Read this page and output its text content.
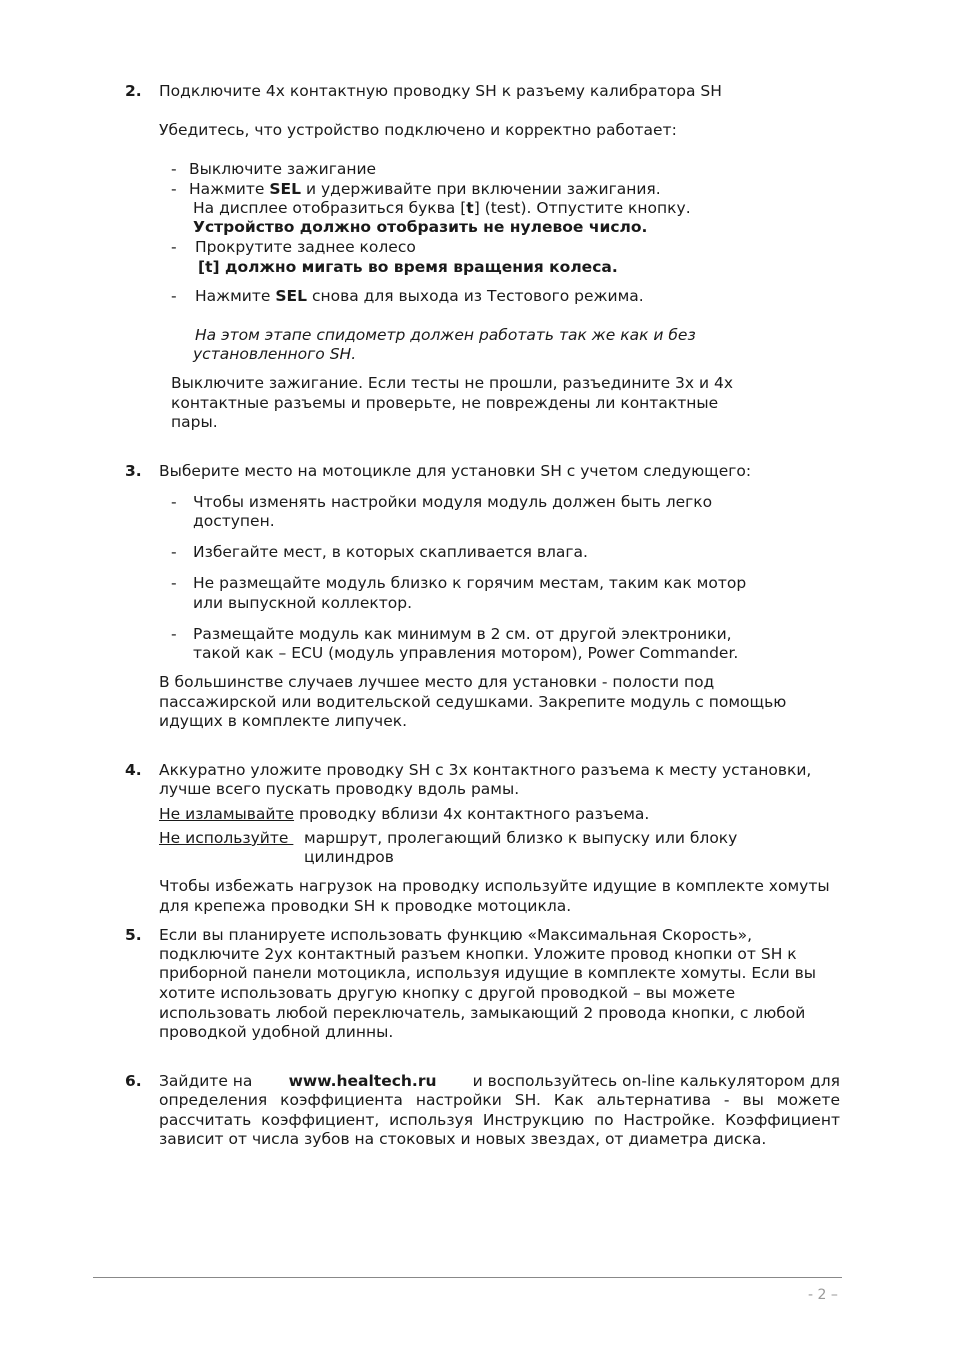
2. Подключите 4х контактную проводку SH к разъему калибратора SH
Убедитесь, что устройство подключено и корректно работает:
- Выключите зажигание
- Нажмите SEL и удерживайте при включении зажигания.
На дисплее отобразиться буква [t] (test). Отпустите кнопку.
Устройство должно отобразить не нулевое число.
- Прокрутите заднее колесо
[t] должно мигать во время вращения колеса.
- Нажмите SEL снова для выхода из Тестового режима.
На этом этапе спидометр должен работать так же как и без
установленного SH.
Выключите зажигание. Если тесты не прошли, разъедините 3х и 4х
контактные разъемы и проверьте, не повреждены ли контактные
пары.
3. Выберите место на мотоцикле для установки SH с учетом следующего:
- Чтобы изменять настройки модуля модуль должен быть легко
доступен.
- Избегайте мест, в которых скапливается влага.
- Не размещайте модуль близко к горячим местам, таким как мотор
или выпускной коллектор.
- Размещайте модуль как минимум в 2 см. от другой электроники,
такой как – ECU (модуль управления мотором), Power Commander.
В большинстве случаев лучшее место для установки - полости под
пассажирской или водительской седушками. Закрепите модуль с помощью
идущих в комплекте липучек.
4. Аккуратно уложите проводку SH с 3х контактного разъема к месту установки,
лучше всего пускать проводку вдоль рамы.
Не изламывайте проводку вблизи 4х контактного разъема.
Не используйте маршрут, пролегающий близко к выпуску или блоку
цилиндров
Чтобы избежать нагрузок на проводку используйте идущие в комплекте хомуты
для крепежа проводки SH к проводке мотоцикла.
5. Если вы планируете использовать функцию «Максимальная Скорость»,
подключите 2ух контактный разъем кнопки. Уложите провод кнопки от SH к
приборной панели мотоцикла, используя идущие в комплекте хомуты. Если вы
хотите использовать другую кнопку с другой проводкой – вы можете
использовать любой переключатель, замыкающий 2 провода кнопки, с любой
проводкой удобной длинны.
6. Зайдите на www.healtech.ru и воспользуйтесь on-line калькулятором для
определения коэффициента настройки SH. Как альтернатива - вы можете
рассчитать коэффициент, используя Инструкцию по Настройке. Коэффициент
зависит от числа зубов на стоковых и новых звездах, от диаметра диска.
- 2 –
